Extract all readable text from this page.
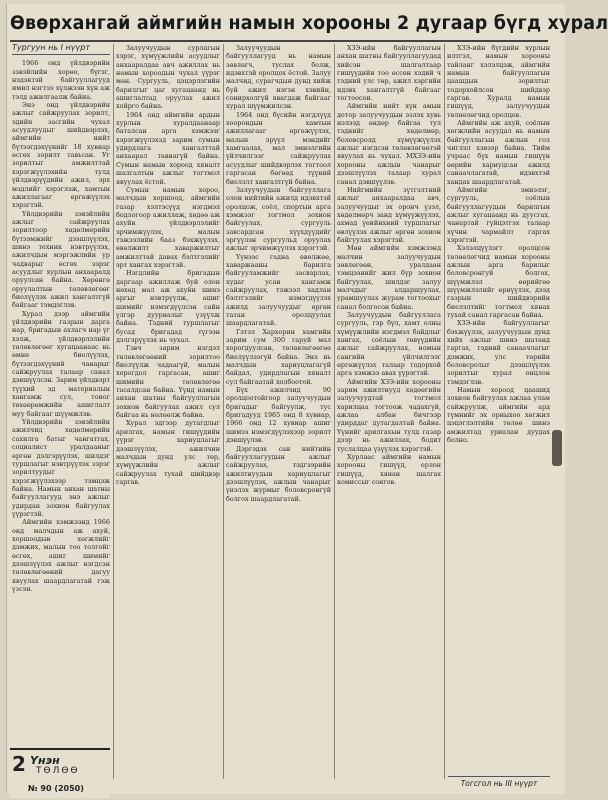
Өвөрхангай аймгийн намын хорооны 2 дугаар бүгд хурал
Тургуун нь I нүүрт

1966 онд үйлдвэрийн зэвэйлийн хорөо, бүгэг, нэдэктэй байгууллагууд имил нэгтээ хүлжээн хүн аж тэлд ажилгаалж байна.

Энэ онд үйлдвэрийн ажлыг сайжруулах зорилт, эдийн засгийн чухал асуудлуудыг шийдвэрлэх, аймгийн нийт бүтээгдэхүүнийг 18 хувиар өсгөх зорилт тавьсан. Уг зорилтыг амжилттай хэрэгжүүлэхийн тулд үйлдвэрүүдийн ажил, эрх мэдлийг хэрэглэж, хамтын ажиллагааг өргөжүүлэх хэрэгтэй.

Үйлдвэрийн зэвэйлийн ажлыг сайжруулах зорилтоор хөдөлмөрийн бүтээмжийг дээшлүүлэх, шинэ техник нэвтрүүлэх, ажилчдын мэргэжлийн ур чадварыг өсгөх зэрэг асуудлыг хурлын анхааралд оруулсан байна. Хөрөнгө оруулалтын төлөвлөгөөг биелүүлэх ажил хангалтгүй байгааг тэмдэглэв.

Хурал дээр аймгийн үйлдвэрийн газрын дарга нар, бригадын ахлагч нар үг хэлж, үйлдвэрлэлийн төлөвлөгөөг хугацаанаас нь өмнө биелүүлэх, бүтээгдэхүүний чанарыг сайжруулах талаар санал дэвшүүлсэн. Зарим үйлдвэрт түүхий эд материалын хангамж сул, тоног төхөөрөмжийн ашиглалт муу байгааг шүүмжлэв.

Үйлдвэрийн зэвэйлийн ажилчид хөдөлмөрийн сахилга батыг чангатгах, социалист уралдааныг өргөн дэлгэрүүлэх, шилдэг туршлагыг нэвтрүүлэх зэрэг зорилтуудыг хэрэгжүүлэхээр тэмцэж байна. Намын анхан шатны байгууллагууд энэ ажлыг удирдан зохион байгуулах үүрэгтэй.

Аймгийн хэмжээнд 1966 онд малчдын аж ахуй, хоршоодын хөгжлийг дэмжих, малын тоо толгойг өсгөх, ашиг шимийг дээшлүүлэх ажлыг нэгдсэн төлөвлөгөөний дагуу явуулах шаардлагатай гэж үзсэн.

Залуучуудын сурлагын хэрэг, хүмүүжлийн асуудлыг анхааралдаа авч ажиллах нь намын хороодын чухал үүрэг мөн. Сургууль, цэцэрлэгийн барилгыг цаг хугацаанд нь ашиглалтад оруулах ажил хойрго байна.

1964 онд аймгийн ардын хурлын хуралдаанаар баталсан арга хэмжээг хэрэгжүүлэхэд зарим сумын удирдлага хангалттай анхаарал тавиагүй байна. Сумын намын хороод хяналт шалгалтын ажлыг тогтмол явуулах ёстой.

Сумын намын хороо, малчдын хоршоод, аймгийн газар хэлтэсүүд нэгдмэл бодлогоор ажиллаж, хөдөө аж ахуйн үйлдвэрлэлийг эрчимжүүлэх, малын тэжээлийн бааз бэхжүүлэх, өвөлжилт хаваржилтыг амжилттай давах бэлтгэлийг эрт хангах хэрэгтэй.

Нэгдлийн бригадын даргаар ажиллаж буй олон нөхөд мал аж ахуйн шинэ аргыг нэвтрүүлж, ашиг шимийг нэмэгдүүлсэн сайн үлгэр дууриалыг үзүүлж байна. Тэдний туршлагыг бусад бригадад түгээн дэлгэрүүлэх нь чухал.

Гэвч зарим нэгдэл төлөвлөгөөний зорилтоо биелүүлж чадаагүй, малын хорогдол гаргасан, ашиг шимийн төлөвлөгөө тасалдсан байна. Үүнд намын анхан шатны байгууллагын зохион байгуулах ажил сул байгаа нь нөлөөлж байна.

Хурал эдгээр дутагдлыг арилгах, намын гишүүдийн үүрэг хариуцлагыг дээшлүүлэх, ажилчин малчдын дунд улс төр, хүмүүжлийн ажлыг сайжруулах тухай шийдвэр гаргав.

Залуучуудын байгууллагууд нь намын зөвлөгч, туслах болж, идэвхтэй оролцох ёстой. Залуу малчид, сурагчдын дунд хийж буй ажил нэгэн хэвийн, сонирхолгүй явагдаж байгааг хурал шүүмжилсэн.

1964 онд бүсийн нэгдлүүд хоорондын хамтын ажиллагааг өргөжүүлэх, малын эрүүл мэндийг хамгаалах, мал эмнэлгийн үйлчилгээг сайжруулах асуудлыг шийдвэрлэх тогтоол гаргасан бөгөөд түүний биелэлт хангалтгүй байна.

Залуучуудын байгууллага олон нийтийн ажилд идэвхтэй оролцож, соёл, спортын арга хэмжээг тогтмол зохион байгуулах, сургууль завсардсан хүүхдүүдийг эргүүлэн сургуульд оруулах ажлыг эрчимжүүлэх хэрэгтэй.

Үүнээс гадна өвөлжөө, хаваржааны барилга байгууламжийг засварлах, худаг усан хангамж сайжруулах, тэжээл хадлан бэлтгэлийг нэмэгдүүлэх ажилд залуучуудыг өргөн татан оролцуулах шаардлагатай.

Гэтэл Хархорин хамгийн зарим сум 300 гаруй мал хорогдуулсан, төлөвлөгөөгөө биелүүлээгүй байна. Энэ нь малчдын хариуцлагагүй байдал, удирдлагын хяналт сул байгаатай холбоотой.

Бүх ажилчид 90 оролцоотойгоор залуучуудын бригадыг байгуулж, тус бригадууд 1965 онд 8 хувиар, 1966 онд 12 хувиар ашиг шимээ нэмэгдүүлэхээр зорилт дэвшүүлэв.

Дэргэдэх сан нийтийн байгууллагуудын ажлыг сайжруулах, тэдгээрийн ажилтнуудын хариуцлагыг дээшлүүлэх, ажлын чанарыг үнэлэх журмыг боловсронгуй болгох шаардлагатай.

ХЗЭ-ийн байгууллагын анхан шатны байгууллагуудад хийсэн шалгалтаар гишүүдийн тоо өссөн хэдий ч тэдний улс төр, ажил хэргийн идэвх хангалтгүй байгааг тогтоосон.

Аймгийн нийт хүн амын дотор залуучуудын эзлэх хувь нэлээд өндөр байгаа тул тэднийг хөдөлмөр, боловсролд хүмүүжүүлэх ажлыг нэгдсэн төлөвлөгөөтэй явуулах нь чухал. МХЗЭ-ийн хорооны ажлын чанарыг дээшлүүлэх талаар хурал санал дэвшүүлэв.

Нийгмийн зүтгэлтний ажлыг анхааралдаа авч, залуучуудыг эх оронч үзэл, хөдөлмөрч занд хүмүүжүүлэх, ахмад үеийнхний туршлагыг өвлүүлэх ажлыг өргөн зохион байгуулах хэрэгтэй.

Мөн аймгийн хэмжээнд малчин залуучуудын зөвлөгөөн, уралдаан тэмцээнийг жил бүр зохион байгуулах, шилдэг залуу малчдыг алдаршуулах, урамшуулах журам тогтоохыг санал болгосон байна.

Залуучуудын байгууллага сургууль, гэр бүл, хамт олны хүмүүжлийн нэгдмэл байдлыг хангах, соёлын төвүүдийн ажлыг сайжруулах, номын сангийн үйлчилгээг өргөжүүлэх талаар тодорхой арга хэмжээ авах үүрэгтэй.

Аймгийн ХЗЭ-ийн хорооны зарим ажилтнууд хөдөөгийн залуучуудтай тогтмол харилцаа тогтоож чадахгүй, ажлаа албан бичгээр удирддаг дутагдалтай байна. Үүнийг арилгахын тулд газар дээр нь ажиллах, бодит туслалцаа үзүүлэх хэрэгтэй.

Хурлаас аймгийн намын хорооны гишүүд, орлон гишүүд, хянан шалгах комиссыг сонгов.

ХЗЭ-ийн бүгдийн хурлын илтгэл, намын хорооны тайланг хэлэлцэж, аймгийн намын байгууллагын цаашдын зорилтыг тодорхойлсон шийдвэр гаргав. Хуралд намын гишүүд, залуучуудын төлөөлөгчид оролцов.

Аймгийн аж ахуй, соёлын хөгжлийн асуудал нь намын байгууллагын ажлын гол чиглэл хэвээр байна. Тийм учраас бүх намын гишүүн өөрийн хариуцсан ажилд санаачлагатай, идэвхтэй хандах шаардлагатай.

Аймгийн эмнэлэг, сургууль, соёлын байгууллагуудын барилгын ажлыг хугацаанд нь дуусгах, чанартай гүйцэтгэх талаар хүчин чармайлт гаргах хэрэгтэй.

Хэлэлцүүлэгт оролцсон төлөөлөгчид намын хорооны ажлын арга барилыг боловсронгуй болгох, шүүмжлэл өөрийгөө шүүмжлэлийг өрнүүлэх, дээд газрын шийдвэрийн биелэлтийг тогтмол хянах тухай санал гаргасан байна.

ХЗЭ-ийн байгууллагыг бэхжүүлэх, залуучуудын дунд хийх ажлыг шинэ шатанд гаргах, тэдний санаачлагыг дэмжих, улс төрийн боловсролыг дээшлүүлэх зорилтыг хурал онцлон тэмдэглэв.

Намын хороод цаашид зохион байгуулах ажлаа улам сайжруулж, аймгийн ард түмнийг эх орныхоо хөгжил цэцэглэлтийн төлөө шинэ амжилтад уриалан дуудах болно.

2 Үнэн
ТӨЛӨӨ
№ 90 (2050)
Тогсгол нь III нүүрт
